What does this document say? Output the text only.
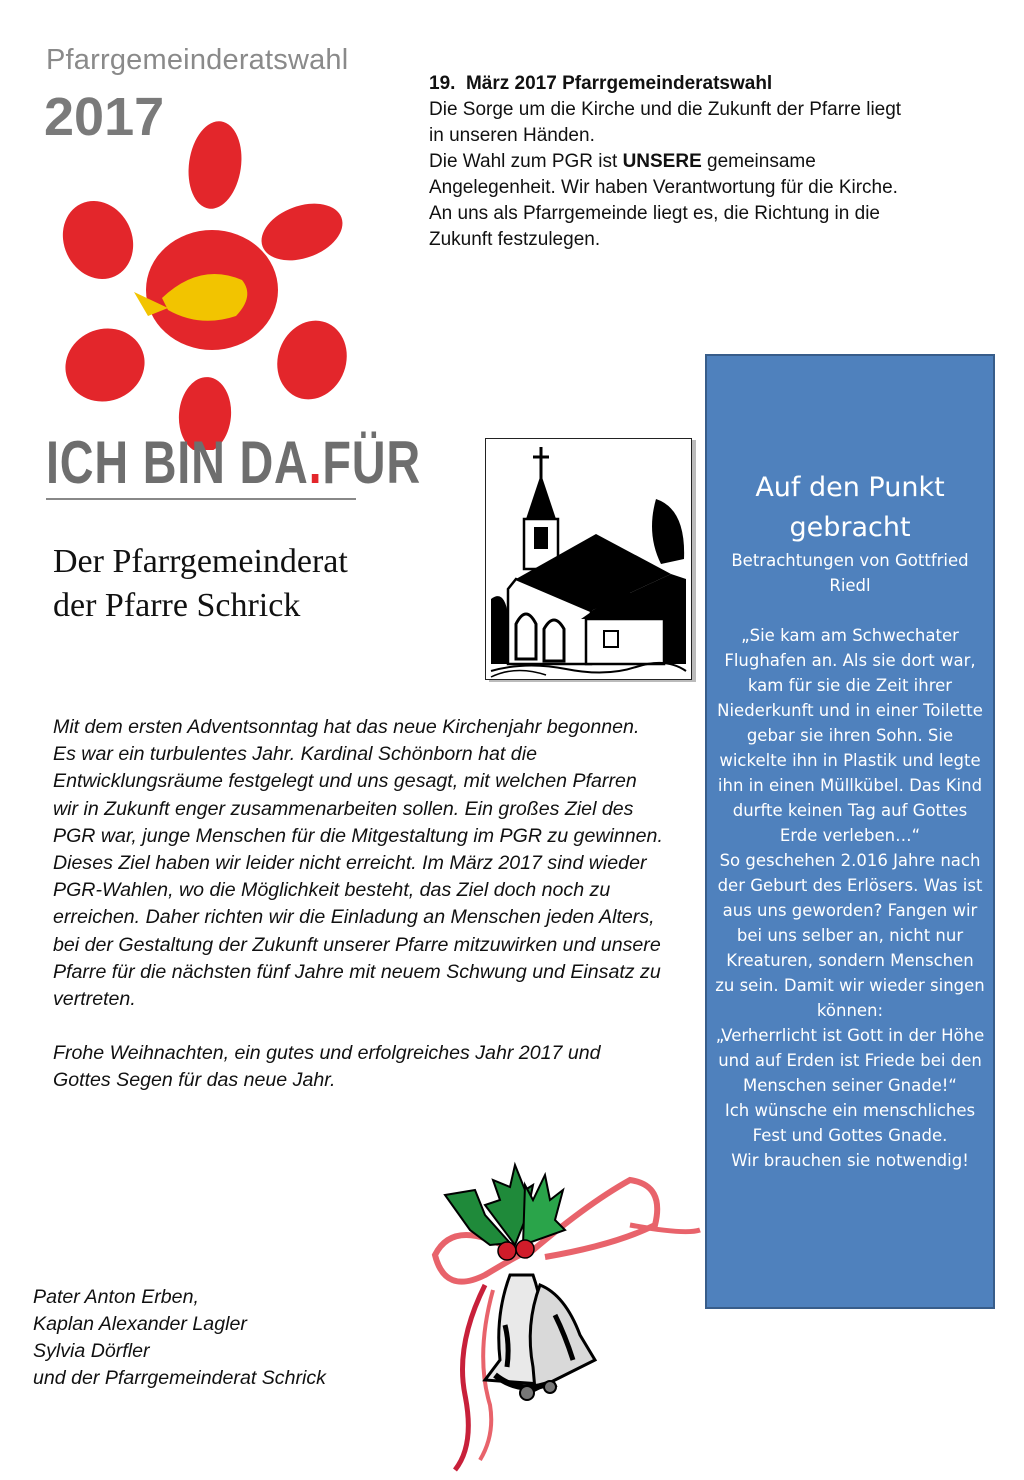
Pfarrgemeinderatswahl
2017
ICH BIN DA.FÜR

19.  März 2017 Pfarrgemeinderatswahl

Die Sorge um die Kirche und die Zukunft der Pfarre liegt in unseren Händen.

Die Wahl zum PGR ist UNSERE gemeinsame Angelegenheit. Wir haben Verantwortung für die Kirche. An uns als Pfarrgemeinde liegt es, die Richtung in die Zukunft festzulegen.

Der Pfarrgemeinderat
der Pfarre Schrick

Mit dem ersten Adventsonntag hat das neue Kirchenjahr begonnen. Es war ein turbulentes Jahr. Kardinal Schönborn hat die Entwicklungsräume festgelegt und uns gesagt, mit welchen Pfarren wir in Zukunft enger zusammenarbeiten sollen. Ein großes Ziel des PGR war, junge Menschen für die Mitgestaltung im PGR zu gewinnen. Dieses Ziel haben wir leider nicht erreicht. Im März 2017 sind wieder PGR-Wahlen, wo die Möglichkeit besteht, das Ziel doch noch zu erreichen. Daher richten wir die Einladung an Menschen jeden Alters, bei der Gestaltung der Zukunft unserer Pfarre mitzuwirken und unsere Pfarre für die nächsten fünf Jahre mit neuem Schwung und Einsatz zu vertreten.

Frohe Weihnachten, ein gutes und erfolgreiches Jahr 2017 und Gottes Segen für das neue Jahr.

Auf den Punkt gebracht
Betrachtungen von Gottfried Riedl
„Sie kam am Schwechater Flughafen an. Als sie dort war, kam für sie die Zeit ihrer Niederkunft und in einer Toilette gebar sie ihren Sohn. Sie wickelte ihn in Plastik und legte ihn in einen Müllkübel. Das Kind durfte keinen Tag auf Gottes Erde verleben…“
So geschehen 2.016 Jahre nach der Geburt des Erlösers. Was ist aus uns geworden? Fangen wir bei uns selber an, nicht nur Kreaturen, sondern Menschen zu sein. Damit wir wieder singen können:
„Verherrlicht ist Gott in der Höhe und auf Erden ist Friede bei den Menschen seiner Gnade!“
Ich wünsche ein menschliches Fest und Gottes Gnade.
Wir brauchen sie notwendig!
Pater Anton Erben,
Kaplan Alexander Lagler
Sylvia Dörfler
und der Pfarrgemeinderat Schrick
